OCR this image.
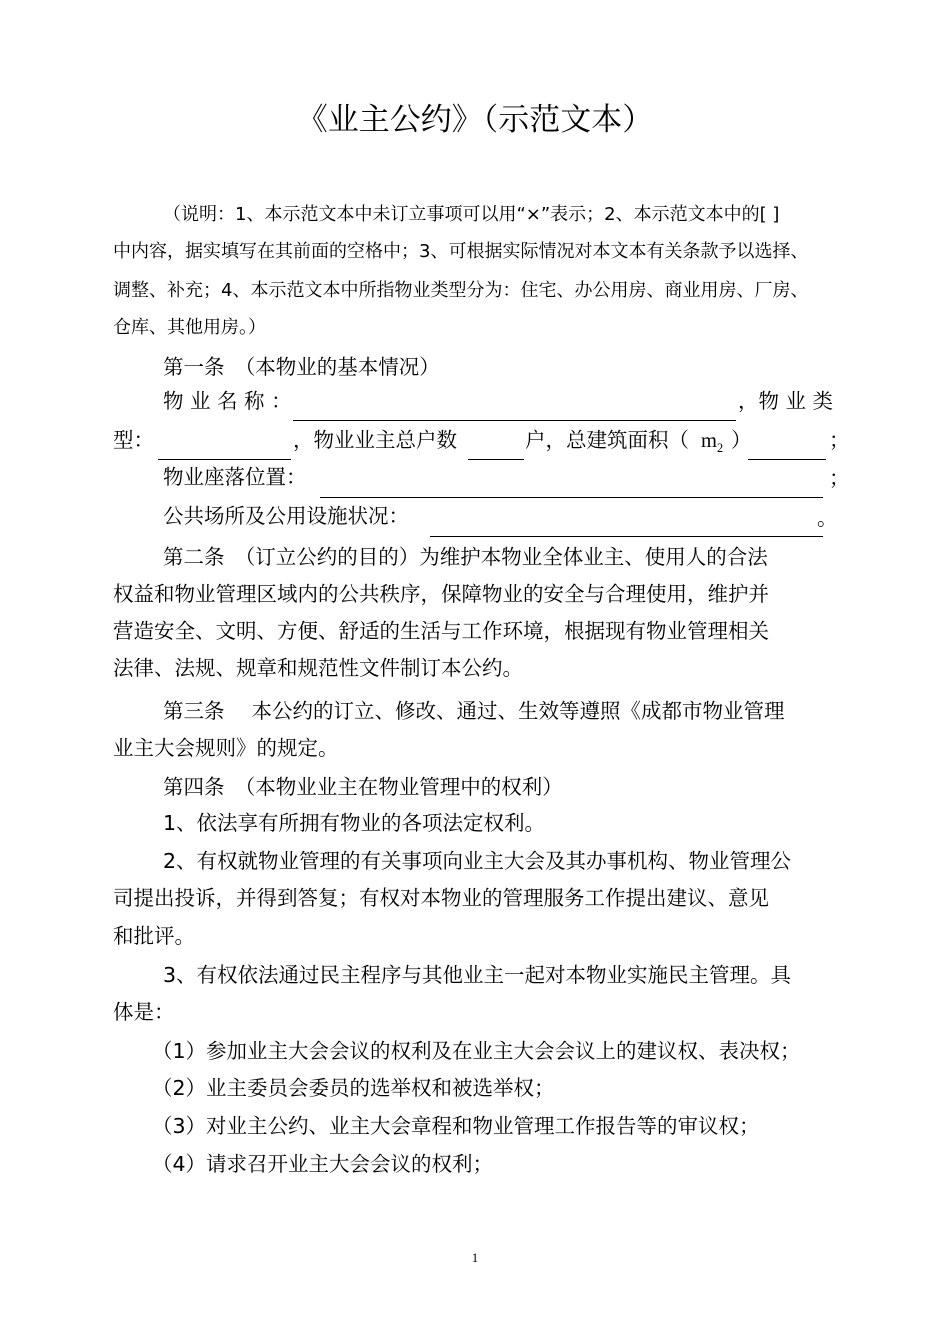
《业主公约》（示范文本）
（说明：1、本示范文本中未订立事项可以用“×”表示；2、本示范文本中的[ ]
中内容，据实填写在其前面的空格中；3、可根据实际情况对本文本有关条款予以选择、
调整、补充；4、本示范文本中所指物业类型分为：住宅、办公用房、商业用房、厂房、
仓库、其他用房。）
第一条　（本物业的基本情况）
物 业 名 称 ：	，物 业 类
型：	，物业业主总户数	户，总建筑面积（ $m_2$ ）	；
物业座落位置：	；
公共场所及公用设施状况：	。
第二条　（订立公约的目的）为维护本物业全体业主、使用人的合法
权益和物业管理区域内的公共秩序，保障物业的安全与合理使用，维护并
营造安全、文明、方便、舒适的生活与工作环境，根据现有物业管理相关
法律、法规、规章和规范性文件制订本公约。
第三条　 本公约的订立、修改、通过、生效等遵照《成都市物业管理
业主大会规则》的规定。
第四条　（本物业业主在物业管理中的权利）
1、依法享有所拥有物业的各项法定权利。
2、有权就物业管理的有关事项向业主大会及其办事机构、物业管理公
司提出投诉，并得到答复；有权对本物业的管理服务工作提出建议、意见
和批评。
3、有权依法通过民主程序与其他业主一起对本物业实施民主管理。具
体是：
（1）参加业主大会会议的权利及在业主大会会议上的建议权、表决权；
（2）业主委员会委员的选举权和被选举权；
（3）对业主公约、业主大会章程和物业管理工作报告等的审议权；
（4）请求召开业主大会会议的权利；
1
